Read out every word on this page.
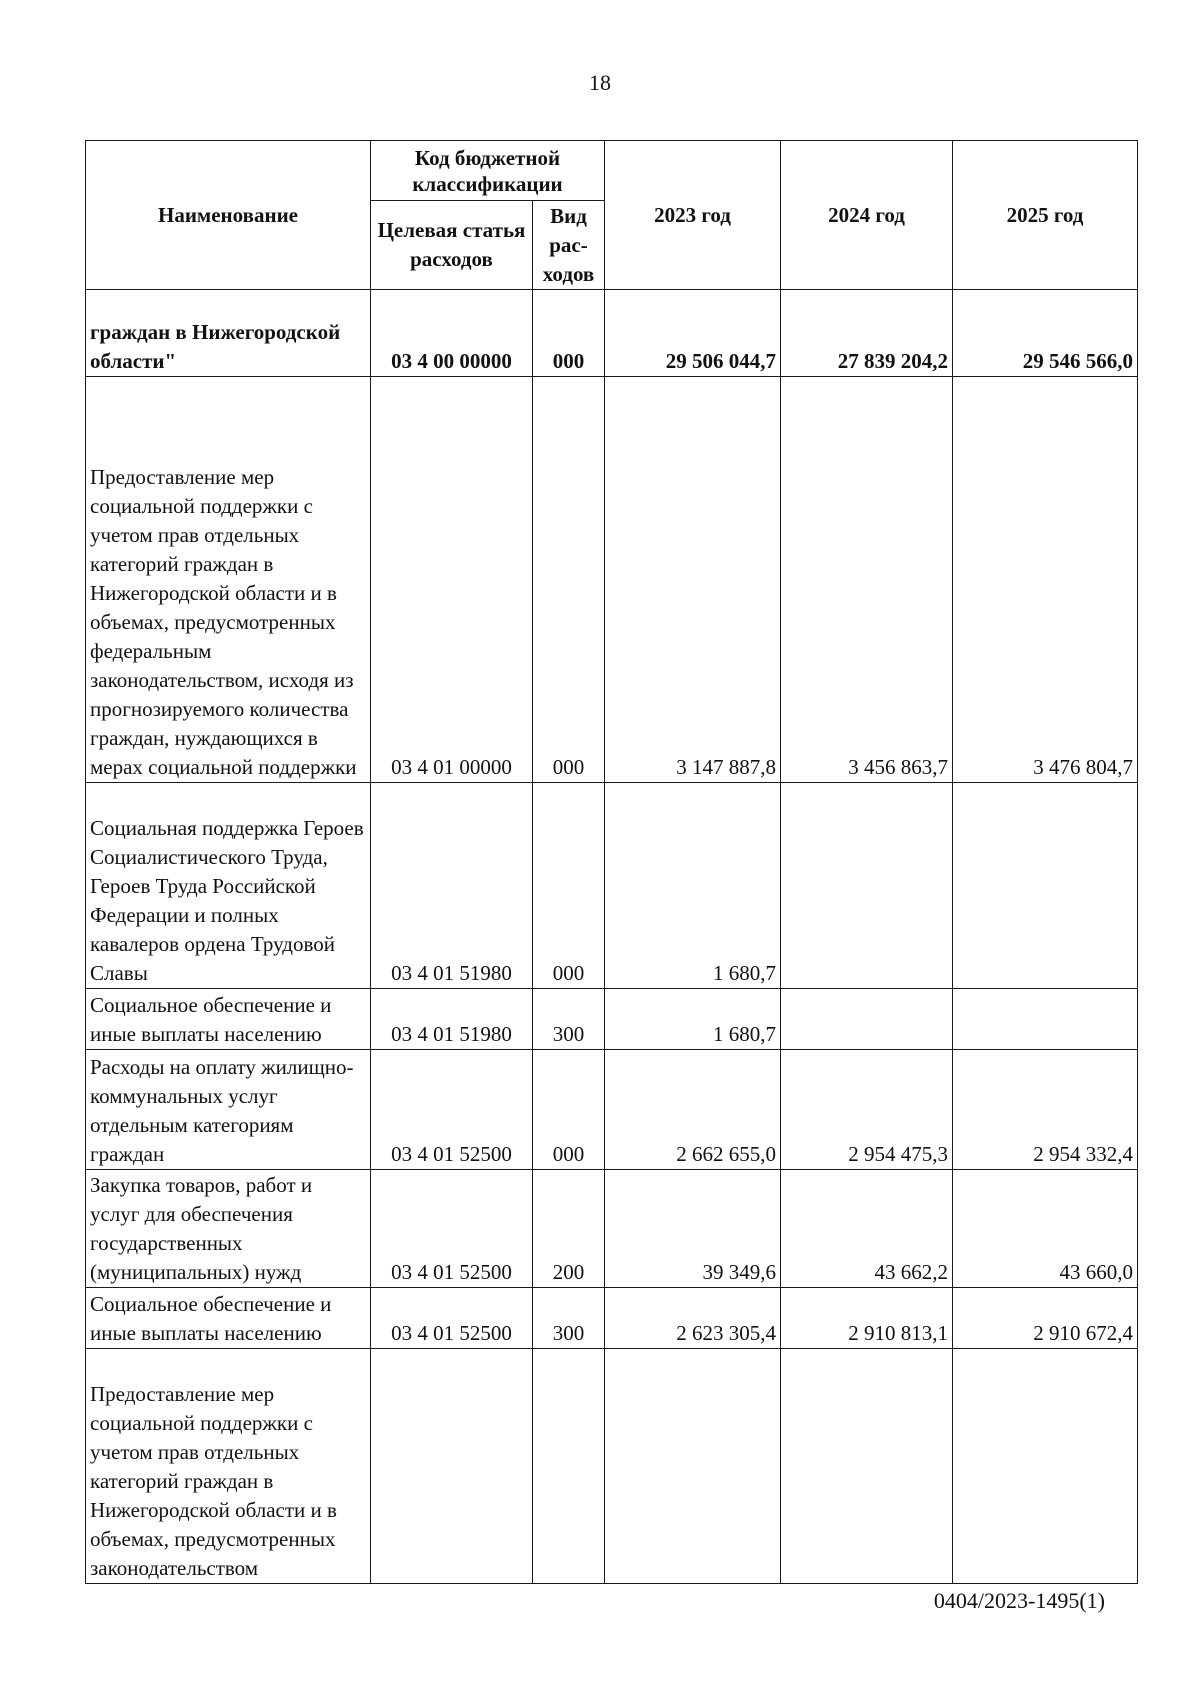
18
Наименование	Код бюджетной классификации		2023 год	2024 год	2025 год
	Целевая статья расходов	Вид рас-ходов			
граждан в Нижегородской области"	03 4 00 00000	000	29 506 044,7	27 839 204,2	29 546 566,0
Предоставление мер социальной поддержки с учетом прав отдельных категорий граждан в Нижегородской области и в объемах, предусмотренных федеральным законодательством, исходя из прогнозируемого количества граждан, нуждающихся в мерах социальной поддержки	03 4 01 00000	000	3 147 887,8	3 456 863,7	3 476 804,7
Социальная поддержка Героев Социалистического Труда, Героев Труда Российской Федерации и полных кавалеров ордена Трудовой Славы	03 4 01 51980	000	1 680,7		
Социальное обеспечение и иные выплаты населению	03 4 01 51980	300	1 680,7		
Расходы на оплату жилищно-коммунальных услуг отдельным категориям граждан	03 4 01 52500	000	2 662 655,0	2 954 475,3	2 954 332,4
Закупка товаров, работ и услуг для обеспечения государственных (муниципальных) нужд	03 4 01 52500	200	39 349,6	43 662,2	43 660,0
Социальное обеспечение и иные выплаты населению	03 4 01 52500	300	2 623 305,4	2 910 813,1	2 910 672,4
Предоставление мер социальной поддержки с учетом прав отдельных категорий граждан в Нижегородской области и в объемах, предусмотренных законодательством					
0404/2023-1495(1)
